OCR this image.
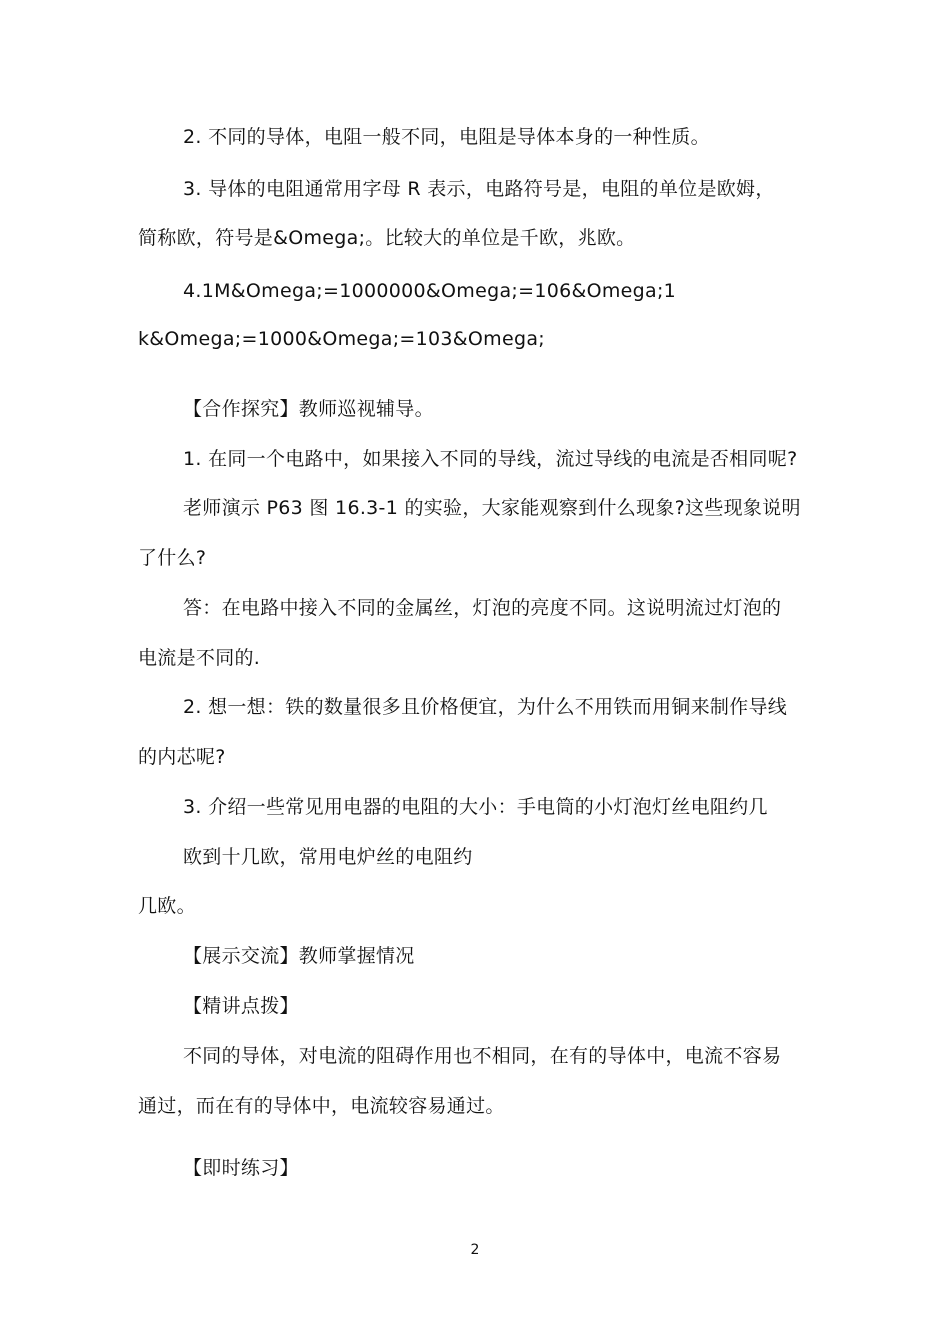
2. 不同的导体，电阻一般不同，电阻是导体本身的一种性质。
3. 导体的电阻通常用字母 R 表示，电路符号是，电阻的单位是欧姆，
简称欧，符号是&Omega;。比较大的单位是千欧，兆欧。
4.1M&Omega;=1000000&Omega;=106&Omega;1
k&Omega;=1000&Omega;=103&Omega;
【合作探究】教师巡视辅导。
1. 在同一个电路中，如果接入不同的导线，流过导线的电流是否相同呢?
老师演示 P63 图 16.3-1 的实验，大家能观察到什么现象?这些现象说明
了什么?
答：在电路中接入不同的金属丝，灯泡的亮度不同。这说明流过灯泡的
电流是不同的.
2. 想一想：铁的数量很多且价格便宜，为什么不用铁而用铜来制作导线
的内芯呢?
3. 介绍一些常见用电器的电阻的大小：手电筒的小灯泡灯丝电阻约几
欧到十几欧，常用电炉丝的电阻约
几欧。
【展示交流】教师掌握情况
【精讲点拨】
不同的导体，对电流的阻碍作用也不相同，在有的导体中，电流不容易
通过，而在有的导体中，电流较容易通过。
【即时练习】
2
